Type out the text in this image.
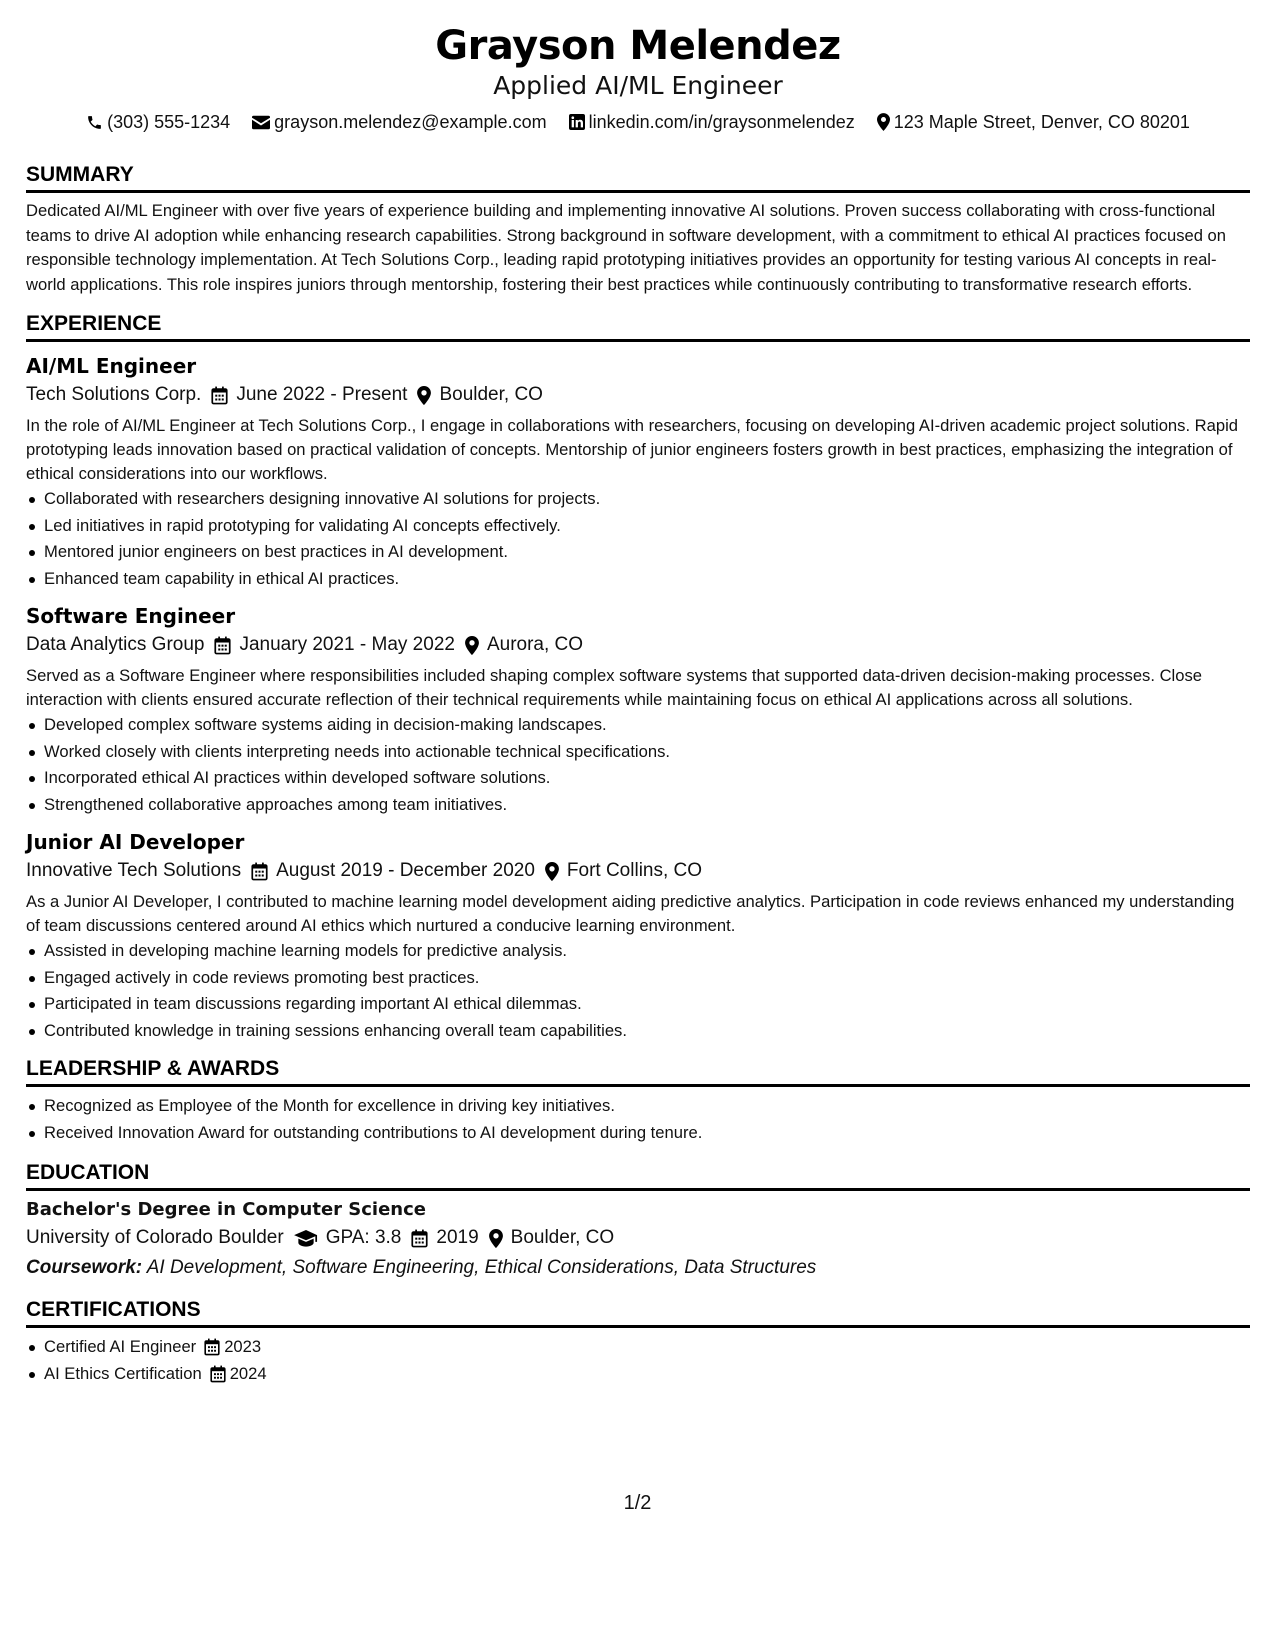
Grayson Melendez
Applied AI/ML Engineer
(303) 555-1234 grayson.melendez@example.com linkedin.com/in/graysonmelendez 123 Maple Street, Denver, CO 80201
SUMMARY
Dedicated AI/ML Engineer with over five years of experience building and implementing innovative AI solutions. Proven success collaborating with cross-functional teams to drive AI adoption while enhancing research capabilities. Strong background in software development, with a commitment to ethical AI practices focused on responsible technology implementation. At Tech Solutions Corp., leading rapid prototyping initiatives provides an opportunity for testing various AI concepts in real-world applications. This role inspires juniors through mentorship, fostering their best practices while continuously contributing to transformative research efforts.
EXPERIENCE
AI/ML Engineer
Tech Solutions Corp. June 2022 - Present Boulder, CO
In the role of AI/ML Engineer at Tech Solutions Corp., I engage in collaborations with researchers, focusing on developing AI-driven academic project solutions. Rapid prototyping leads innovation based on practical validation of concepts. Mentorship of junior engineers fosters growth in best practices, emphasizing the integration of ethical considerations into our workflows.
Collaborated with researchers designing innovative AI solutions for projects.
Led initiatives in rapid prototyping for validating AI concepts effectively.
Mentored junior engineers on best practices in AI development.
Enhanced team capability in ethical AI practices.
Software Engineer
Data Analytics Group January 2021 - May 2022 Aurora, CO
Served as a Software Engineer where responsibilities included shaping complex software systems that supported data-driven decision-making processes. Close interaction with clients ensured accurate reflection of their technical requirements while maintaining focus on ethical AI applications across all solutions.
Developed complex software systems aiding in decision-making landscapes.
Worked closely with clients interpreting needs into actionable technical specifications.
Incorporated ethical AI practices within developed software solutions.
Strengthened collaborative approaches among team initiatives.
Junior AI Developer
Innovative Tech Solutions August 2019 - December 2020 Fort Collins, CO
As a Junior AI Developer, I contributed to machine learning model development aiding predictive analytics. Participation in code reviews enhanced my understanding of team discussions centered around AI ethics which nurtured a conducive learning environment.
Assisted in developing machine learning models for predictive analysis.
Engaged actively in code reviews promoting best practices.
Participated in team discussions regarding important AI ethical dilemmas.
Contributed knowledge in training sessions enhancing overall team capabilities.
LEADERSHIP & AWARDS
Recognized as Employee of the Month for excellence in driving key initiatives.
Received Innovation Award for outstanding contributions to AI development during tenure.
EDUCATION
Bachelor's Degree in Computer Science
University of Colorado Boulder GPA: 3.8 2019 Boulder, CO
Coursework: AI Development, Software Engineering, Ethical Considerations, Data Structures
CERTIFICATIONS
Certified AI Engineer 2023
AI Ethics Certification 2024
1/2
